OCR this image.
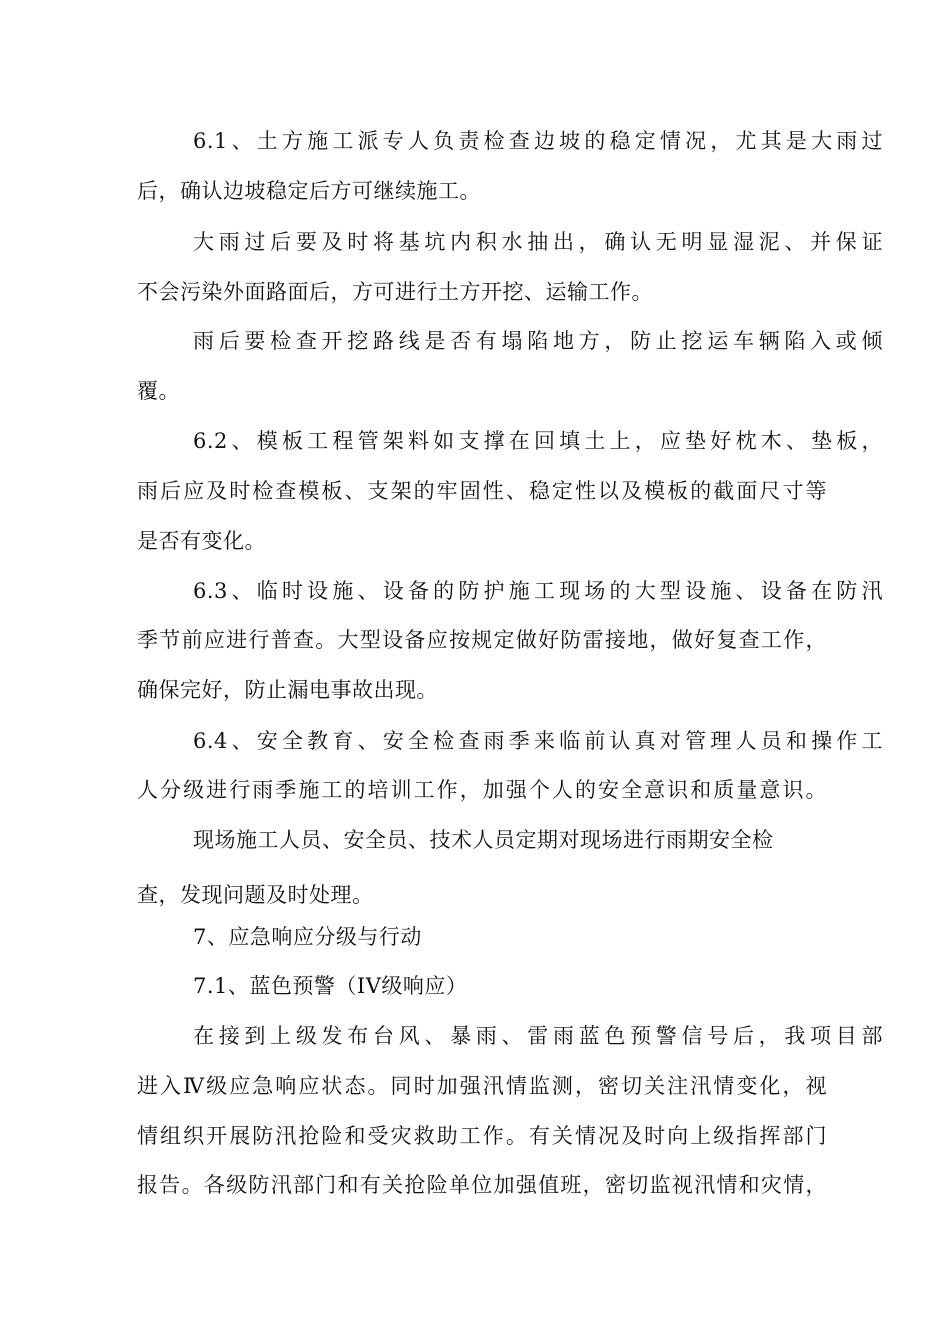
6.1、土方施工派专人负责检查边坡的稳定情况，尤其是大雨过
后，确认边坡稳定后方可继续施工。
大雨过后要及时将基坑内积水抽出，确认无明显湿泥、并保证
不会污染外面路面后，方可进行土方开挖、运输工作。
雨后要检查开挖路线是否有塌陷地方，防止挖运车辆陷入或倾
覆。
6.2、模板工程管架料如支撑在回填土上，应垫好枕木、垫板，
雨后应及时检查模板、支架的牢固性、稳定性以及模板的截面尺寸等
是否有变化。
6.3、临时设施、设备的防护施工现场的大型设施、设备在防汛
季节前应进行普查。大型设备应按规定做好防雷接地，做好复查工作，
确保完好，防止漏电事故出现。
6.4、安全教育、安全检查雨季来临前认真对管理人员和操作工
人分级进行雨季施工的培训工作，加强个人的安全意识和质量意识。
现场施工人员、安全员、技术人员定期对现场进行雨期安全检
查，发现问题及时处理。
7、应急响应分级与行动
7.1、蓝色预警（IV级响应）
在接到上级发布台风、暴雨、雷雨蓝色预警信号后，我项目部
进入Ⅳ级应急响应状态。同时加强汛情监测，密切关注汛情变化，视
情组织开展防汛抢险和受灾救助工作。有关情况及时向上级指挥部门
报告。各级防汛部门和有关抢险单位加强值班，密切监视汛情和灾情，
